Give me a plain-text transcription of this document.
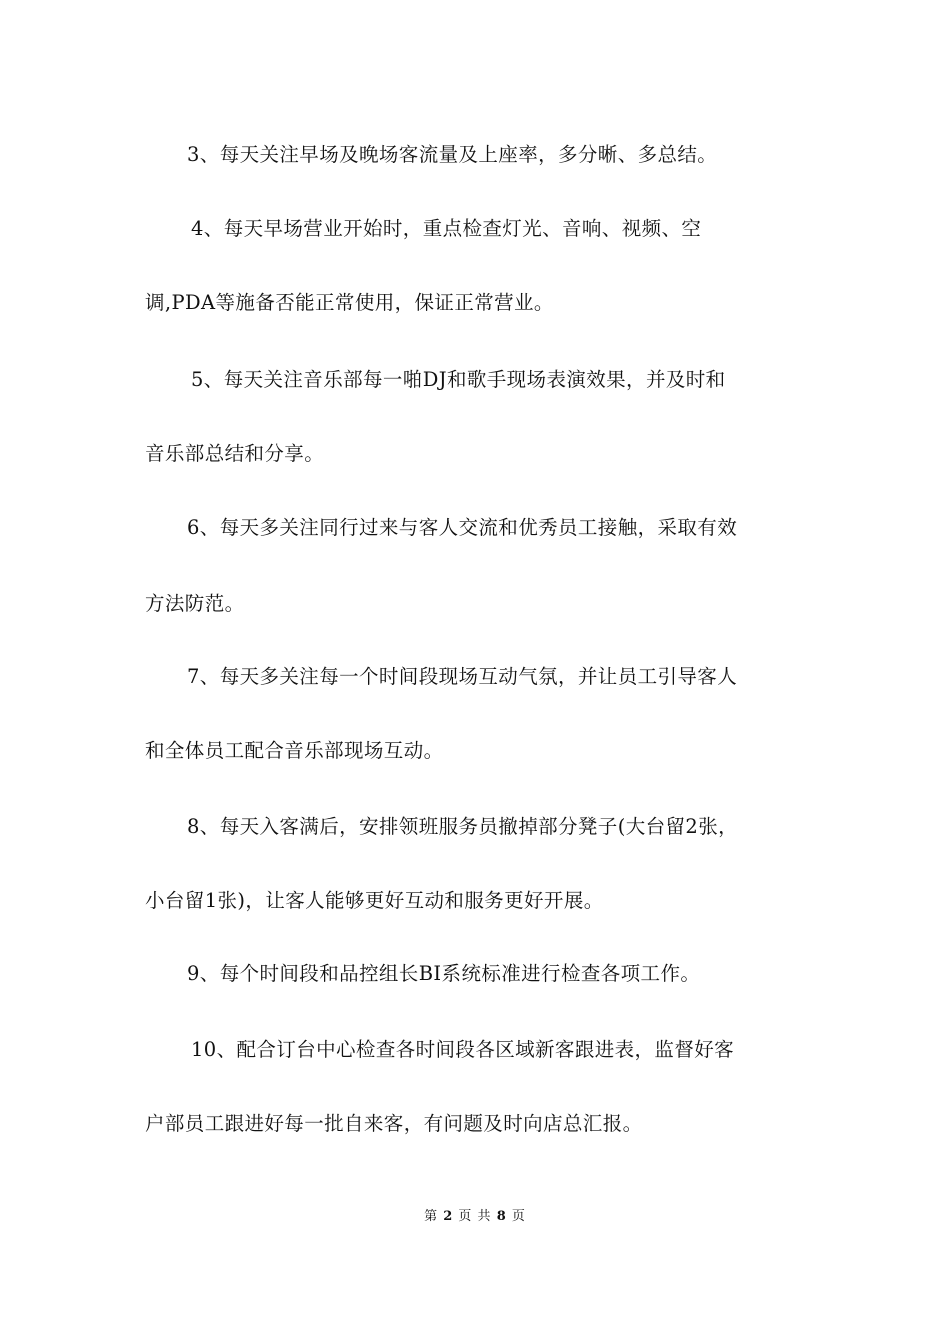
3、每天关注早场及晚场客流量及上座率，多分晰、多总结。
4、每天早场营业开始时，重点检查灯光、音响、视频、空
调,PDA等施备否能正常使用，保证正常营业。
5、每天关注音乐部每一啪DJ和歌手现场表演效果，并及时和
音乐部总结和分享。
6、每天多关注同行过来与客人交流和优秀员工接触，采取有效
方法防范。
7、每天多关注每一个时间段现场互动气氛，并让员工引导客人
和全体员工配合音乐部现场互动。
8、每天入客满后，安排领班服务员撤掉部分凳子(大台留2张，
小台留1张)，让客人能够更好互动和服务更好开展。
9、每个时间段和品控组长BI系统标准进行检查各项工作。
10、配合订台中心检查各时间段各区域新客跟进表，监督好客
户部员工跟进好每一批自来客，有问题及时向店总汇报。
第 2 页 共 8 页
